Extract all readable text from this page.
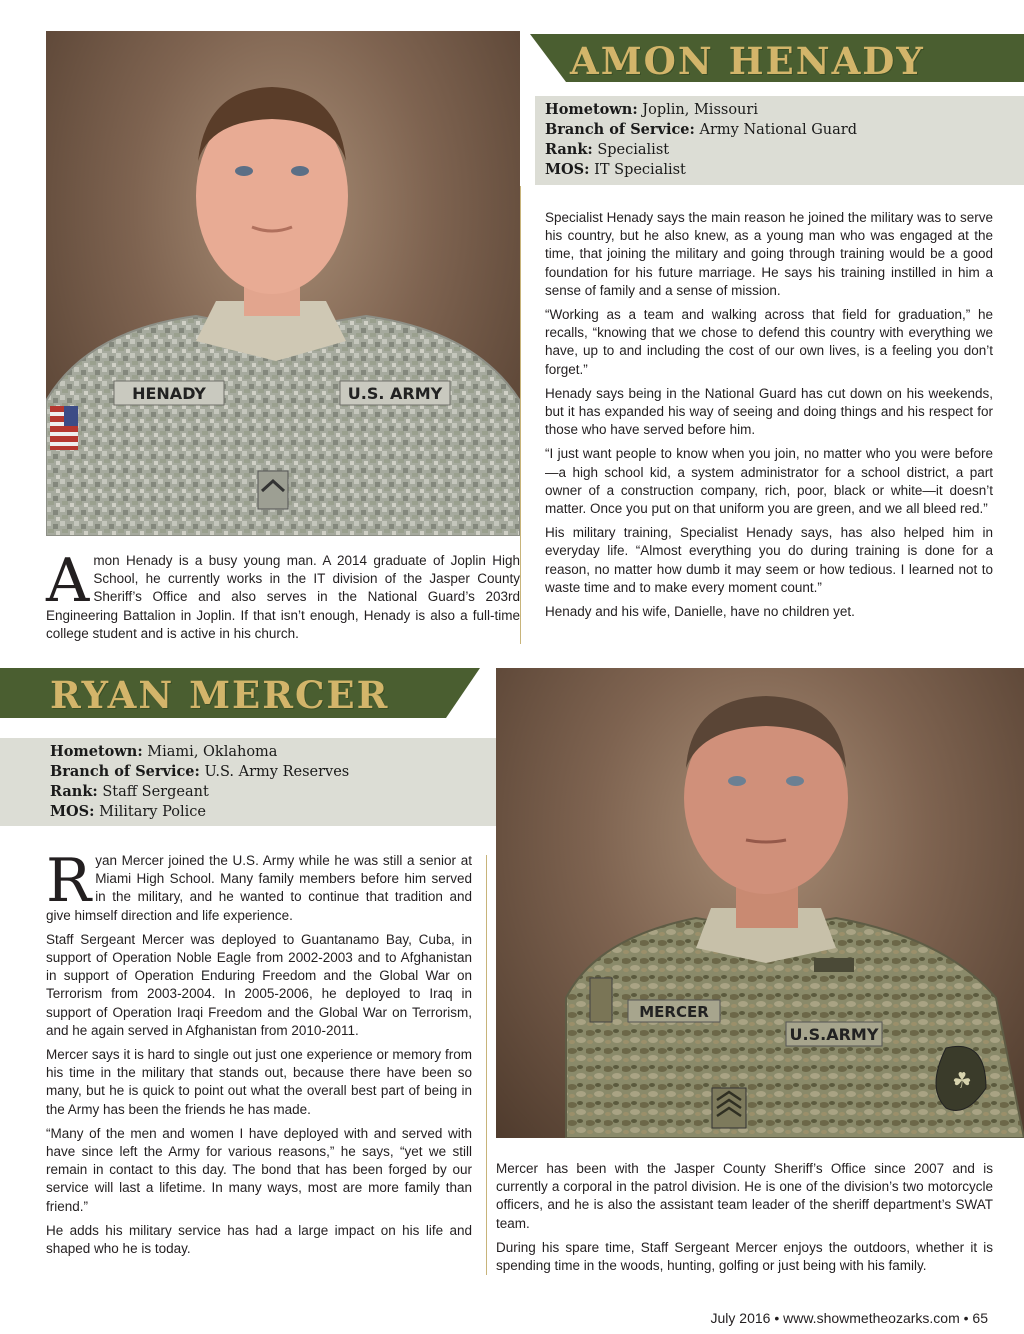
HENADY	U.S. ARMY
AMON HENADY
Hometown: Joplin, Missouri
Branch of Service: Army National Guard
Rank: Specialist
MOS: IT Specialist
Amon Henady is a busy young man. A 2014 graduate of Joplin High School, he currently works in the IT division of the Jasper County Sheriff’s Office and also serves in the National Guard’s 203rd Engineering Battalion in Joplin. If that isn’t enough, Henady is also a full-time college student and is active in his church.

Specialist Henady says the main reason he joined the military was to serve his country, but he also knew, as a young man who was engaged at the time, that joining the military and going through training would be a good foundation for his future marriage. He says his training instilled in him a sense of family and a sense of mission.

“Working as a team and walking across that field for graduation,” he recalls, “knowing that we chose to defend this country with everything we have, up to and including the cost of our own lives, is a feeling you don’t forget.”

Henady says being in the National Guard has cut down on his weekends, but it has expanded his way of seeing and doing things and his respect for those who have served before him.

“I just want people to know when you join, no matter who you were before—a high school kid, a system administrator for a school district, a part owner of a construction company, rich, poor, black or white—it doesn’t matter. Once you put on that uniform you are green, and we all bleed red.”

His military training, Specialist Henady says, has also helped him in everyday life. “Almost everything you do during training is done for a reason, no matter how dumb it may seem or how tedious. I learned not to waste time and to make every moment count.”

Henady and his wife, Danielle, have no children yet.

RYAN MERCER
Hometown: Miami, Oklahoma
Branch of Service: U.S. Army Reserves
Rank: Staff Sergeant
MOS: Military Police
MERCER
U.S.ARMY
☘

Ryan Mercer joined the U.S. Army while he was still a senior at Miami High School. Many family members before him served in the military, and he wanted to continue that tradition and give himself direction and life experience.

Staff Sergeant Mercer was deployed to Guantanamo Bay, Cuba, in support of Operation Noble Eagle from 2002-2003 and to Afghanistan in support of Operation Enduring Freedom and the Global War on Terrorism from 2003-2004. In 2005-2006, he deployed to Iraq in support of Operation Iraqi Freedom and the Global War on Terrorism, and he again served in Afghanistan from 2010-2011.

Mercer says it is hard to single out just one experience or memory from his time in the military that stands out, because there have been so many, but he is quick to point out what the overall best part of being in the Army has been the friends he has made.

“Many of the men and women I have deployed with and served with have since left the Army for various reasons,” he says, “yet we still remain in contact to this day. The bond that has been forged by our service will last a lifetime. In many ways, most are more family than friend.”

He adds his military service has had a large impact on his life and shaped who he is today.

Mercer has been with the Jasper County Sheriff’s Office since 2007 and is currently a corporal in the patrol division. He is one of the division’s two motorcycle officers, and he is also the assistant team leader of the sheriff department’s SWAT team.

During his spare time, Staff Sergeant Mercer enjoys the outdoors, whether it is spending time in the woods, hunting, golfing or just being with his family.

July 2016 • www.showmetheozarks.com • 65
